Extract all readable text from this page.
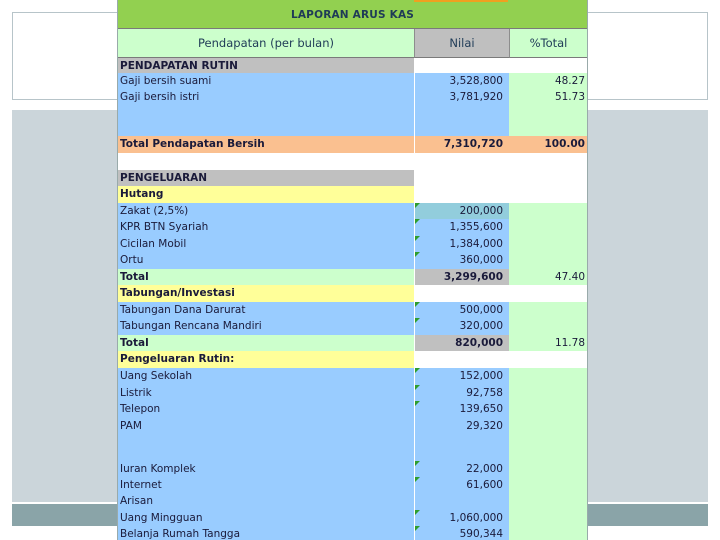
LAPORAN ARUS KAS
Pendapatan (per bulan)	Nilai	%Total
PENDAPATAN RUTIN
Gaji bersih suami	3,528,800	48.27
Gaji bersih istri	3,781,920	51.73
Total Pendapatan Bersih	7,310,720	100.00
PENGELUARAN
Hutang
Zakat (2,5%)	200,000
KPR BTN Syariah	1,355,600
Cicilan Mobil	1,384,000
Ortu	360,000
Total	3,299,600	47.40
Tabungan/Investasi
Tabungan Dana Darurat	500,000
Tabungan Rencana Mandiri	320,000
Total	820,000	11.78
Pengeluaran Rutin:
Uang Sekolah	152,000
Listrik	92,758
Telepon	139,650
PAM	29,320
Iuran Komplek	22,000
Internet	61,600
Arisan
Uang Mingguan	1,060,000
Belanja Rumah Tangga	590,344
